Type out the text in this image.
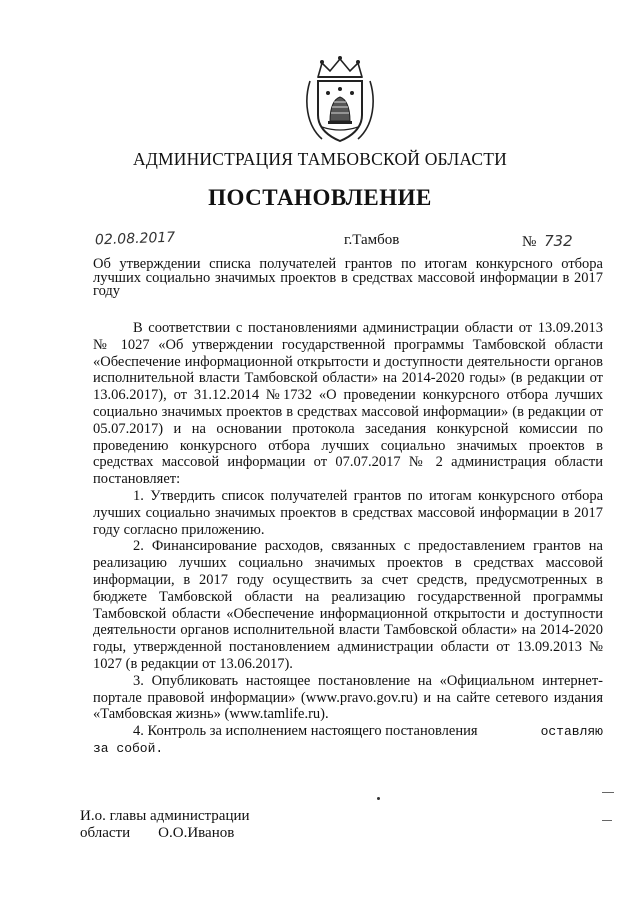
АДМИНИСТРАЦИЯ ТАМБОВСКОЙ ОБЛАСТИ
ПОСТАНОВЛЕНИЕ
02.08.2017	г.Тамбов	№ 732
Об утверждении списка получателей грантов по итогам конкурсного отбора лучших социально значимых проектов в средствах массовой информации в 2017 году

В соответствии с постановлениями администрации области от 13.09.2013 № 1027 «Об утверждении государственной программы Тамбовской области «Обеспечение информационной открытости и доступности деятельности органов исполнительной власти Тамбовской области» на 2014-2020 годы» (в редакции от 13.06.2017), от 31.12.2014 №1732 «О проведении конкурсного отбора лучших социально значимых проектов в средствах массовой информации» (в редакции от 05.07.2017) и на основании протокола заседания конкурсной комиссии по проведению конкурсного отбора лучших социально значимых проектов в средствах массовой информации от 07.07.2017 № 2 администрация области постановляет:

1. Утвердить список получателей грантов по итогам конкурсного отбора лучших социально значимых проектов в средствах массовой информации в 2017 году согласно приложению.

2. Финансирование расходов, связанных с предоставлением грантов на реализацию лучших социально значимых проектов в средствах массовой информации, в 2017 году осуществить за счет средств, предусмотренных в бюджете Тамбовской области на реализацию государственной программы Тамбовской области «Обеспечение информационной открытости и доступности деятельности органов исполнительной власти Тамбовской области» на 2014-2020 годы, утвержденной постановлением администрации области от 13.09.2013 № 1027 (в редакции от 13.06.2017).

3. Опубликовать настоящее постановление на «Официальном интернет-портале правовой информации» (www.pravo.gov.ru) и на сайте сетевого издания «Тамбовская жизнь» (www.tamlife.ru).

4. Контроль за исполнением настоящего постановления	оставляю
за собой.
И.о. главы администрации
области О.О.Иванов
